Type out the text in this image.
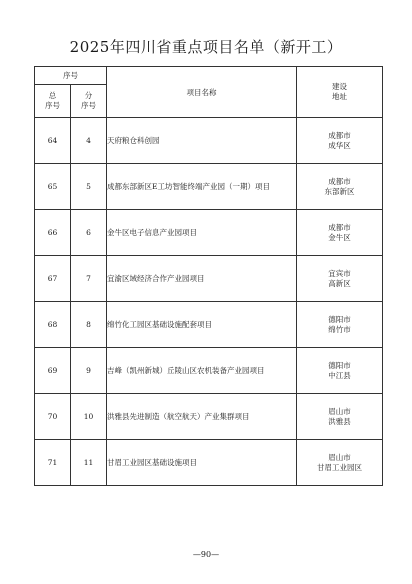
2025年四川省重点项目名单（新开工）
序号		项目名称	建设
地址
总
序号	分
序号		
64	4	天府粮仓科创园	成都市
成华区
65	5	成都东部新区E工坊智能终端产业园（一期）项目	成都市
东部新区
66	6	金牛区电子信息产业园项目	成都市
金牛区
67	7	宜渝区域经济合作产业园项目	宜宾市
高新区
68	8	绵竹化工园区基础设施配套项目	德阳市
绵竹市
69	9	吉峰（凯州新城）丘陵山区农机装备产业园项目	德阳市
中江县
70	10	洪雅县先进制造（航空航天）产业集群项目	眉山市
洪雅县
71	11	甘眉工业园区基础设施项目	眉山市
甘眉工业园区
—90—
